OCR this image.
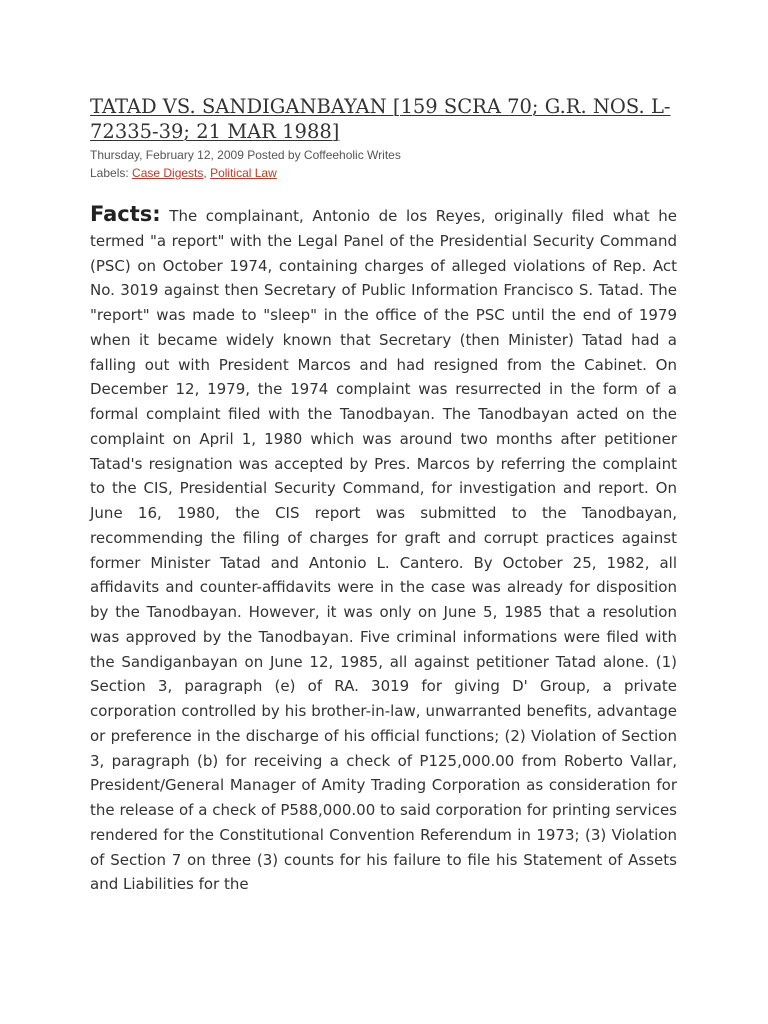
TATAD VS. SANDIGANBAYAN [159 SCRA 70; G.R. NOS. L-72335-39; 21 MAR 1988]
Thursday, February 12, 2009 Posted by Coffeeholic Writes
Labels: Case Digests, Political Law

Facts: The complainant, Antonio de los Reyes, originally filed what he termed "a report" with the Legal Panel of the Presidential Security Command (PSC) on October 1974, containing charges of alleged violations of Rep. Act No. 3019 against then Secretary of Public Information Francisco S. Tatad. The "report" was made to "sleep" in the office of the PSC until the end of 1979 when it became widely known that Secretary (then Minister) Tatad had a falling out with President Marcos and had resigned from the Cabinet. On December 12, 1979, the 1974 complaint was resurrected in the form of a formal complaint filed with the Tanodbayan. The Tanodbayan acted on the complaint on April 1, 1980 which was around two months after petitioner Tatad's resignation was accepted by Pres. Marcos by referring the complaint to the CIS, Presidential Security Command, for investigation and report. On June 16, 1980, the CIS report was submitted to the Tanodbayan, recommending the filing of charges for graft and corrupt practices against former Minister Tatad and Antonio L. Cantero. By October 25, 1982, all affidavits and counter-affidavits were in the case was already for disposition by the Tanodbayan. However, it was only on June 5, 1985 that a resolution was approved by the Tanodbayan. Five criminal informations were filed with the Sandiganbayan on June 12, 1985, all against petitioner Tatad alone. (1) Section 3, paragraph (e) of RA. 3019 for giving D' Group, a private corporation controlled by his brother-in-law, unwarranted benefits, advantage or preference in the discharge of his official functions; (2) Violation of Section 3, paragraph (b) for receiving a check of P125,000.00 from Roberto Vallar, President/General Manager of Amity Trading Corporation as consideration for the release of a check of P588,000.00 to said corporation for printing services rendered for the Constitutional Convention Referendum in 1973; (3) Violation of Section 7 on three (3) counts for his failure to file his Statement of Assets and Liabilities for the
